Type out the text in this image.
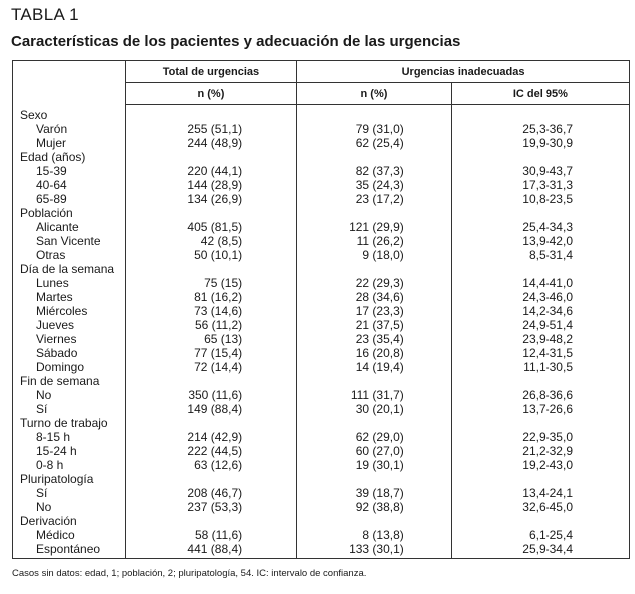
TABLA 1
Características de los pacientes y adecuación de las urgencias
	Total de urgencias	Urgencias inadecuadas	
	n (%)	n (%)	IC del 95%
Sexo			
Varón	255 (51,1)	79 (31,0)	25,3-36,7
Mujer	244 (48,9)	62 (25,4)	19,9-30,9
Edad (años)			
15-39	220 (44,1)	82 (37,3)	30,9-43,7
40-64	144 (28,9)	35 (24,3)	17,3-31,3
65-89	134 (26,9)	23 (17,2)	10,8-23,5
Población			
Alicante	405 (81,5)	121 (29,9)	25,4-34,3
San Vicente	42 (8,5)	11 (26,2)	13,9-42,0
Otras	50 (10,1)	9 (18,0)	8,5-31,4
Día de la semana			
Lunes	75 (15)	22 (29,3)	14,4-41,0
Martes	81 (16,2)	28 (34,6)	24,3-46,0
Miércoles	73 (14,6)	17 (23,3)	14,2-34,6
Jueves	56 (11,2)	21 (37,5)	24,9-51,4
Viernes	65 (13)	23 (35,4)	23,9-48,2
Sábado	77 (15,4)	16 (20,8)	12,4-31,5
Domingo	72 (14,4)	14 (19,4)	11,1-30,5
Fin de semana			
No	350 (11,6)	111 (31,7)	26,8-36,6
Sí	149 (88,4)	30 (20,1)	13,7-26,6
Turno de trabajo			
8-15 h	214 (42,9)	62 (29,0)	22,9-35,0
15-24 h	222 (44,5)	60 (27,0)	21,2-32,9
0-8 h	63 (12,6)	19 (30,1)	19,2-43,0
Pluripatología			
Sí	208 (46,7)	39 (18,7)	13,4-24,1
No	237 (53,3)	92 (38,8)	32,6-45,0
Derivación			
Médico	58 (11,6)	8 (13,8)	6,1-25,4
Espontáneo	441 (88,4)	133 (30,1)	25,9-34,4
Casos sin datos: edad, 1; población, 2; pluripatología, 54. IC: intervalo de confianza.
